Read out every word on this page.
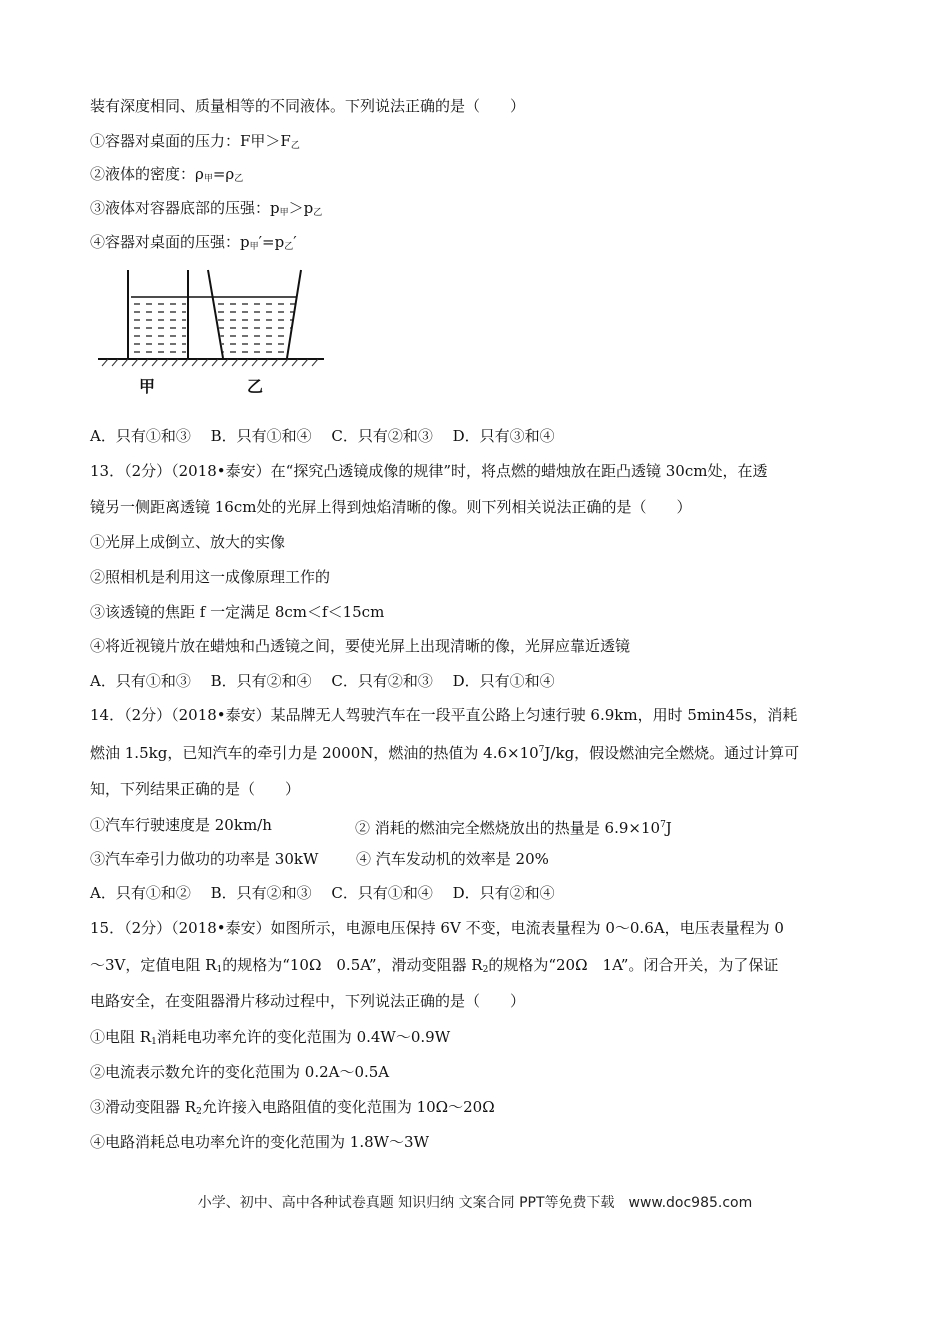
装有深度相同、质量相等的不同液体。下列说法正确的是（　　）
①容器对桌面的压力：F甲$>F_乙$
②液体的密度：$\rho_甲=\rho_乙$
③液体对容器底部的压强：$p_甲>p_乙$
④容器对桌面的压强：$p_甲'=p_乙'$
甲	乙
A．只有①和③　 B．只有①和④　 C．只有②和③　 D．只有③和④
13．（2分）（2018•泰安）在“探究凸透镜成像的规律”时，将点燃的蜡烛放在距凸透镜 30cm处，在透
镜另一侧距离透镜 16cm处的光屏上得到烛焰清晰的像。则下列相关说法正确的是（　　）
①光屏上成倒立、放大的实像
②照相机是利用这一成像原理工作的
③该透镜的焦距 f 一定满足 8cm＜f＜15cm
④将近视镜片放在蜡烛和凸透镜之间，要使光屏上出现清晰的像，光屏应靠近透镜
A．只有①和③　 B．只有②和④　 C．只有②和③　 D．只有①和④
14．（2分）（2018•泰安）某品牌无人驾驶汽车在一段平直公路上匀速行驶 6.9km，用时 5min45s，消耗
燃油 1.5kg，已知汽车的牵引力是 2000N，燃油的热值为 $4.6\times 10^7J/kg$，假设燃油完全燃烧。通过计算可
知，下列结果正确的是（　　）
①汽车行驶速度是 20km/h	② 消耗的燃油完全燃烧放出的热量是 $6.9\times 10^7J$
③汽车牵引力做功的功率是 30kW	④ 汽车发动机的效率是 20%
A．只有①和②　 B．只有②和③　 C．只有①和④　 D．只有②和④
15．（2分）（2018•泰安）如图所示，电源电压保持 6V 不变，电流表量程为 0～0.6A，电压表量程为 0
～3V，定值电阻 $R_1$的规格为“10Ω　0.5A”，滑动变阻器 $R_2$的规格为“20Ω　1A”。闭合开关，为了保证
电路安全，在变阻器滑片移动过程中，下列说法正确的是（　　）
①电阻 $R_1$消耗电功率允许的变化范围为 0.4W～0.9W
②电流表示数允许的变化范围为 0.2A～0.5A
③滑动变阻器 $R_2$允许接入电路阻值的变化范围为 10Ω～20Ω
④电路消耗总电功率允许的变化范围为 1.8W～3W
小学、初中、高中各种试卷真题 知识归纳 文案合同 PPT等免费下载　www.doc985.com
